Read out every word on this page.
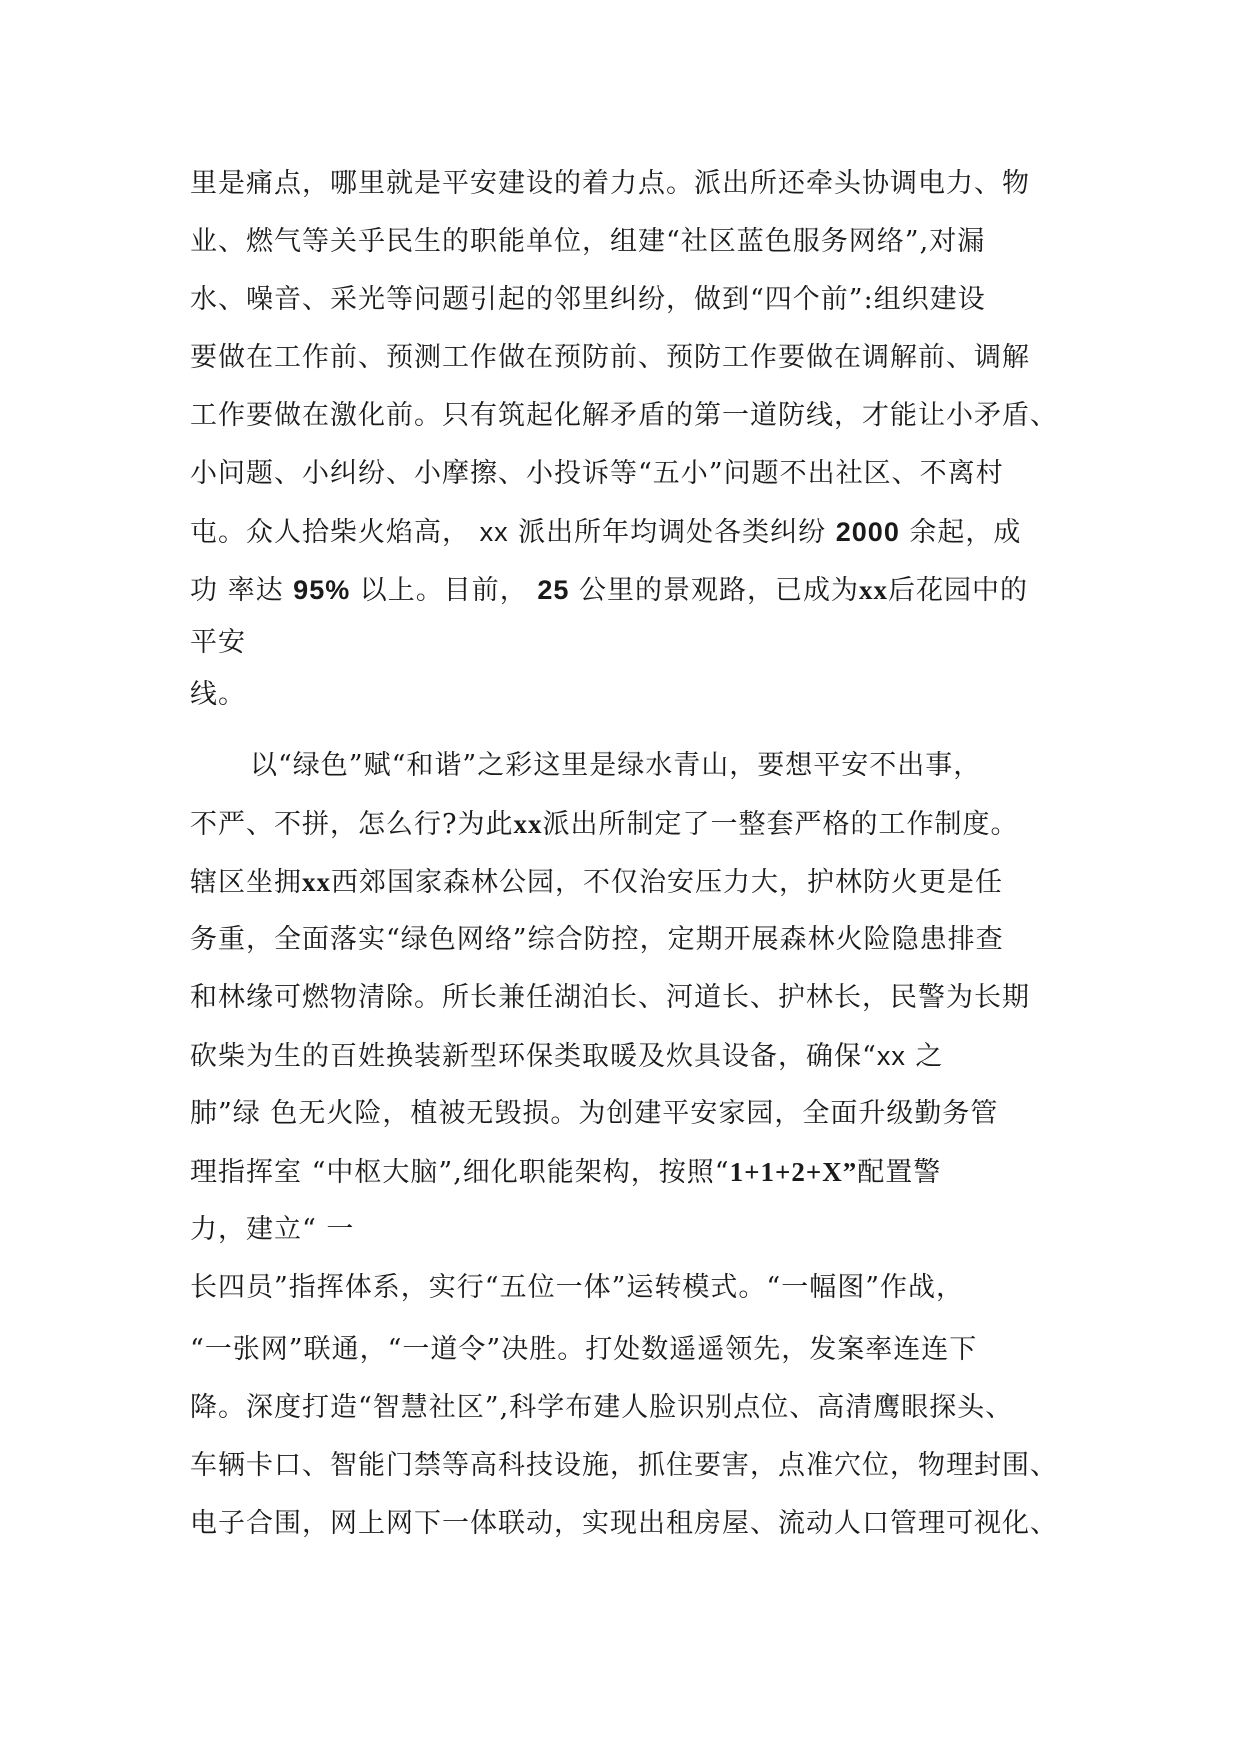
里是痛点，哪里就是平安建设的着力点。派出所还牵头协调电力、物
业、燃气等关乎民生的职能单位，组建“社区蓝色服务网络”,对漏
水、噪音、采光等问题引起的邻里纠纷，做到“四个前”:组织建设
要做在工作前、预测工作做在预防前、预防工作要做在调解前、调解
工作要做在激化前。只有筑起化解矛盾的第一道防线，才能让小矛盾、
小问题、小纠纷、小摩擦、小投诉等“五小”问题不出社区、不离村
屯。众人拾柴火焰高， xx 派出所年均调处各类纠纷 2000 余起，成
功 率达 95% 以上。目前， 25 公里的景观路，已成为xx后花园中的
平安
线。
以“绿色”赋“和谐”之彩这里是绿水青山，要想平安不出事，
不严、不拼，怎么行?为此xx派出所制定了一整套严格的工作制度。
辖区坐拥xx西郊国家森林公园，不仅治安压力大，护林防火更是任
务重，全面落实“绿色网络”综合防控，定期开展森林火险隐患排查
和林缘可燃物清除。所长兼任湖泊长、河道长、护林长，民警为长期
砍柴为生的百姓换装新型环保类取暖及炊具设备，确保“xx 之
肺”绿 色无火险，植被无毁损。为创建平安家园，全面升级勤务管
理指挥室 “中枢大脑”,细化职能架构，按照“1+1+2+X”配置警
力，建立“ 一
长四员”指挥体系，实行“五位一体”运转模式。“一幅图”作战，
“一张网”联通，“一道令”决胜。打处数遥遥领先，发案率连连下
降。深度打造“智慧社区”,科学布建人脸识别点位、高清鹰眼探头、
车辆卡口、智能门禁等高科技设施，抓住要害，点准穴位，物理封围、
电子合围，网上网下一体联动，实现出租房屋、流动人口管理可视化、
